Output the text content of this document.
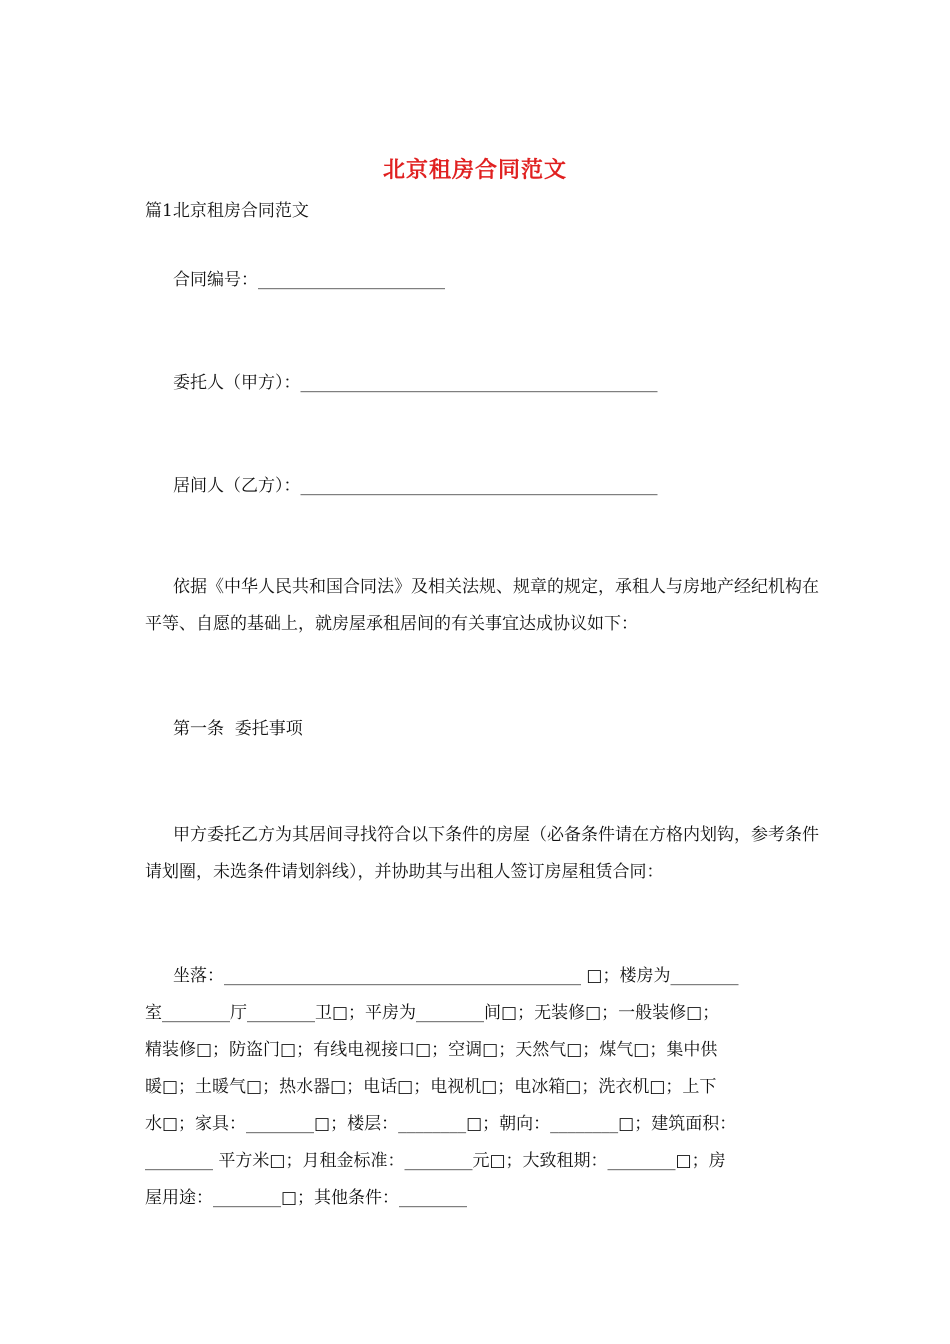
北京租房合同范文
篇1北京租房合同范文
合同编号：______________________
委托人（甲方）：__________________________________________
居间人（乙方）：__________________________________________
依据《中华人民共和国合同法》及相关法规、规章的规定，承租人与房地产经纪机构在平等、自愿的基础上，就房屋承租居间的有关事宜达成协议如下：
第一条  委托事项
甲方委托乙方为其居间寻找符合以下条件的房屋（必备条件请在方格内划钩，参考条件请划圈，未选条件请划斜线），并协助其与出租人签订房屋租赁合同：
坐落：__________________________________________ □；楼房为________
室________厅________卫□；平房为________间□；无装修□；一般装修□；
精装修□；防盗门□；有线电视接口□；空调□；天然气□；煤气□；集中供
暖□；土暖气□；热水器□；电话□；电视机□；电冰箱□；洗衣机□；上下
水□；家具：________□；楼层：________□；朝向：________□；建筑面积：
________ 平方米□；月租金标准：________元□；大致租期：________□；房
屋用途：________□；其他条件：________
